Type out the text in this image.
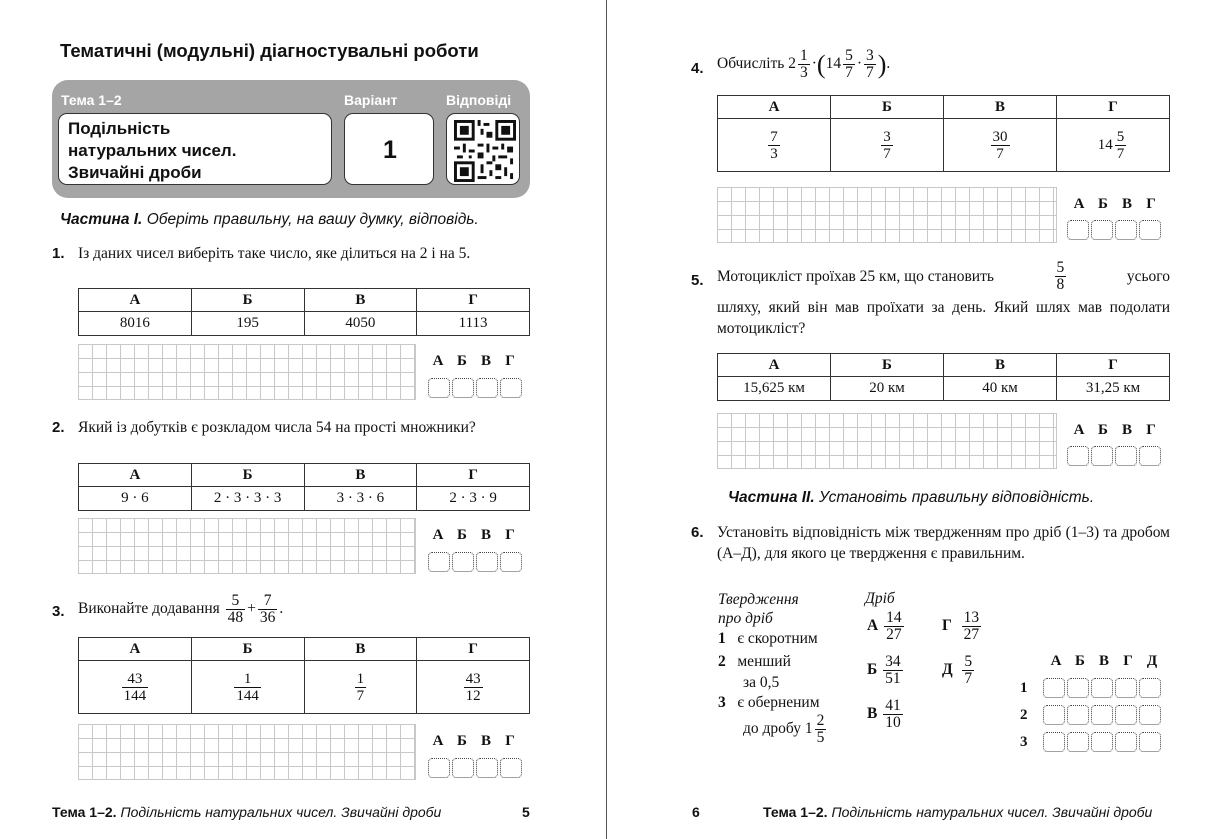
Тематичні (модульні) діагностувальні роботи
Тема 1–2	Варіант	Відповіді
Подільність
натуральних чисел.
Звичайні дроби
1
Частина І. Оберіть правильну, на вашу думку, відповідь.
1. Із даних чисел виберіть таке число, яке ділиться на 2 і на 5.
А	Б	В	Г
8016	195	4050	1113
А Б В Г
2. Який із добутків є розкладом числа 54 на прості множники?
А	Б	В	Г
9 · 6	2 · 3 · 3 · 3	3 · 3 · 6	2 · 3 · 9
А Б В Г
3. Виконайте додавання $\frac{5}{48} + \frac{7}{36}$ .
А	Б	В	Г

$\frac{43}{144}$	$\frac{1}{144}$	$\frac{1}{7}$	$\frac{43}{12}$
А Б В Г
Тема 1–2. Подільність натуральних чисел. Звичайні дроби	5
4. Обчисліть $2 \frac{1}{3} \cdot(14 \frac{5}{7} \cdot \frac{3}{7}$ ).
А	Б	В	Г

$\frac{7}{3}$	$\frac{3}{7}$	$\frac{30}{7}$	$14 \frac{5}{7}$
А Б В Г
5. Мотоцикліст проїхав 25 км, що становить	$\frac{5}{8}$	усього
шляху, який він мав проїхати за день. Який шлях мав подолати мотоцикліст?
А	Б	В	Г
15,625 км	20 км	40 км	31,25 км
А Б В Г
Частина ІІ. Установіть правильну відповідність.
6. Установіть відповідність між твердженням про дріб (1–3) та дробом (А–Д), для якого це твердження є правильним.
Твердження
про дріб
Дріб
1 є скоротним
2 менший
за 0,5
3 є оберненим
до дробу $1 \frac{2}{5}$
А $\frac{14}{27}$
Б $\frac{34}{51}$
В $\frac{41}{10}$
Г $\frac{13}{27}$
Д $\frac{5}{7}$	А Б В Г Д
1
2
3
6	Тема 1–2. Подільність натуральних чисел. Звичайні дроби
